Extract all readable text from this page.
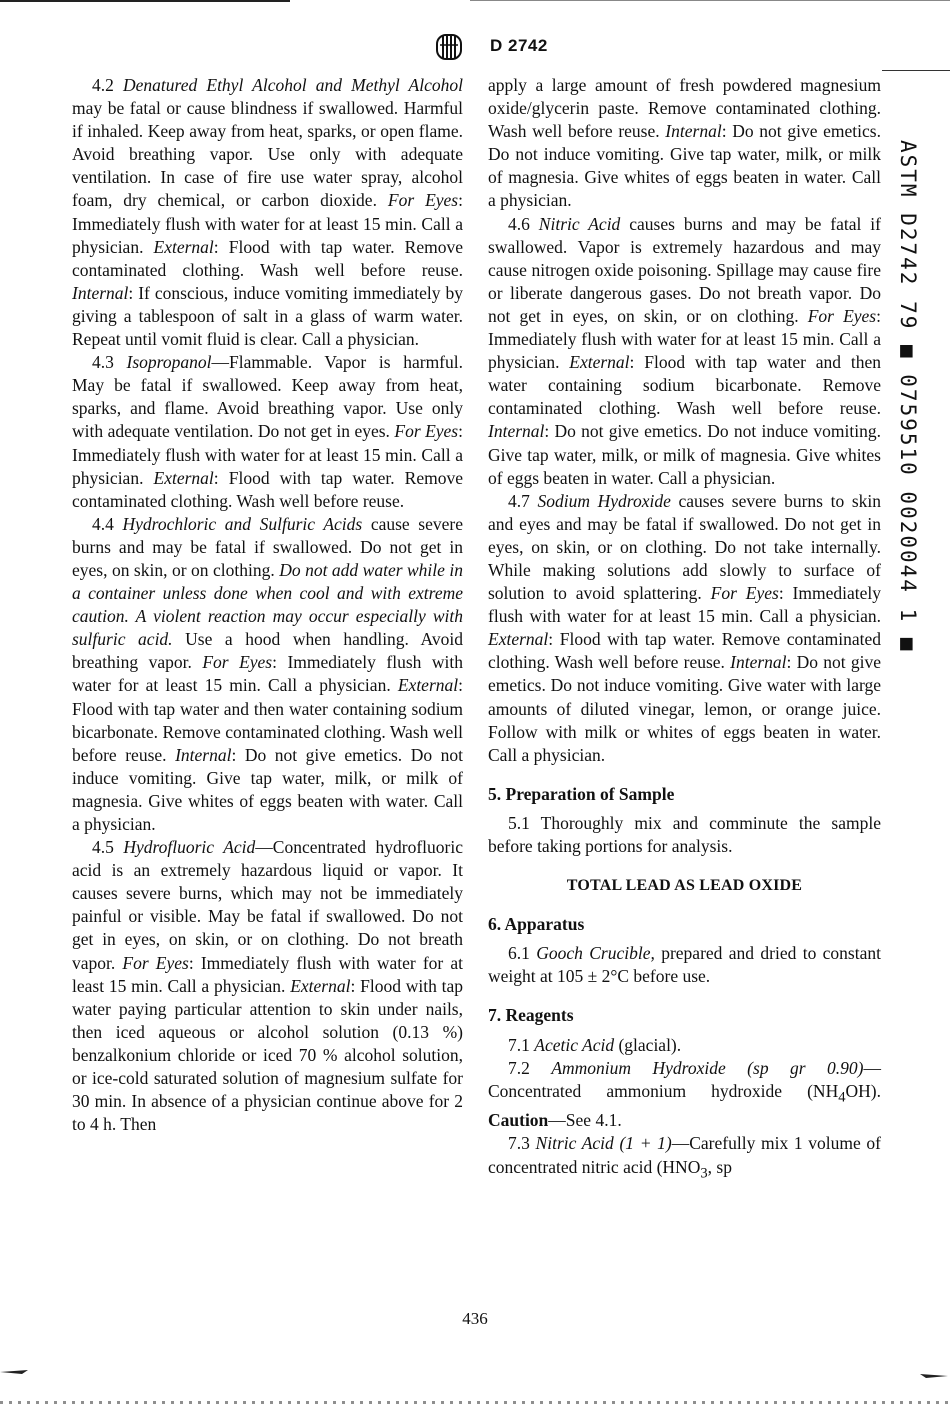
D 2742

4.2 Denatured Ethyl Alcohol and Methyl Alcohol may be fatal or cause blindness if swallowed. Harmful if inhaled. Keep away from heat, sparks, or open flame. Avoid breathing vapor. Use only with adequate ventilation. In case of fire use water spray, alcohol foam, dry chemical, or carbon dioxide. For Eyes: Immediately flush with water for at least 15 min. Call a physician. External: Flood with tap water. Remove contaminated clothing. Wash well before reuse. Internal: If conscious, induce vomiting immediately by giving a tablespoon of salt in a glass of warm water. Repeat until vomit fluid is clear. Call a physician.

4.3 Isopropanol—Flammable. Vapor is harmful. May be fatal if swallowed. Keep away from heat, sparks, and flame. Avoid breathing vapor. Use only with adequate ventilation. Do not get in eyes. For Eyes: Immediately flush with water for at least 15 min. Call a physician. External: Flood with tap water. Remove contaminated clothing. Wash well before reuse.

4.4 Hydrochloric and Sulfuric Acids cause severe burns and may be fatal if swallowed. Do not get in eyes, on skin, or on clothing. Do not add water while in a container unless done when cool and with extreme caution. A violent reaction may occur especially with sulfuric acid. Use a hood when handling. Avoid breathing vapor. For Eyes: Immediately flush with water for at least 15 min. Call a physician. External: Flood with tap water and then water containing sodium bicarbonate. Remove contaminated clothing. Wash well before reuse. Internal: Do not give emetics. Do not induce vomiting. Give tap water, milk, or milk of magnesia. Give whites of eggs beaten with water. Call a physician.

4.5 Hydrofluoric Acid—Concentrated hydrofluoric acid is an extremely hazardous liquid or vapor. It causes severe burns, which may not be immediately painful or visible. May be fatal if swallowed. Do not get in eyes, on skin, or on clothing. Do not breath vapor. For Eyes: Immediately flush with water for at least 15 min. Call a physician. External: Flood with tap water paying particular attention to skin under nails, then iced aqueous or alcohol solution (0.13 %) benzalkonium chloride or iced 70 % alcohol solution, or ice-cold saturated solution of magnesium sulfate for 30 min. In absence of a physician continue above for 2 to 4 h. Then

apply a large amount of fresh powdered magnesium oxide/glycerin paste. Remove contaminated clothing. Wash well before reuse. Internal: Do not give emetics. Do not induce vomiting. Give tap water, milk, or milk of magnesia. Give whites of eggs beaten in water. Call a physician.

4.6 Nitric Acid causes burns and may be fatal if swallowed. Vapor is extremely hazardous and may cause nitrogen oxide poisoning. Spillage may cause fire or liberate dangerous gases. Do not breath vapor. Do not get in eyes, on skin, or on clothing. For Eyes: Immediately flush with water for at least 15 min. Call a physician. External: Flood with tap water and then water containing sodium bicarbonate. Remove contaminated clothing. Wash well before reuse. Internal: Do not give emetics. Do not induce vomiting. Give tap water, milk, or milk of magnesia. Give whites of eggs beaten in water. Call a physician.

4.7 Sodium Hydroxide causes severe burns to skin and eyes and may be fatal if swallowed. Do not get in eyes, on skin, or on clothing. Do not take internally. While making solutions add slowly to surface of solution to avoid splattering. For Eyes: Immediately flush with water for at least 15 min. Call a physician. External: Flood with tap water. Remove contaminated clothing. Wash well before reuse. Internal: Do not give emetics. Do not induce vomiting. Give water with large amounts of diluted vinegar, lemon, or orange juice. Follow with milk or whites of eggs beaten in water. Call a physician.

5. Preparation of Sample

5.1 Thoroughly mix and comminute the sample before taking portions for analysis.

TOTAL LEAD AS LEAD OXIDE
6. Apparatus

6.1 Gooch Crucible, prepared and dried to constant weight at 105 ± 2°C before use.

7. Reagents

7.1 Acetic Acid (glacial).

7.2 Ammonium Hydroxide (sp gr 0.90)—Concentrated ammonium hydroxide $(NH_4OH)$. Caution—See 4.1.

7.3 Nitric Acid (1 + 1)—Carefully mix 1 volume of concentrated nitric acid ($HNO_3$, sp

ASTM D2742 79 ■ 0759510 0020044 1 ■
436
